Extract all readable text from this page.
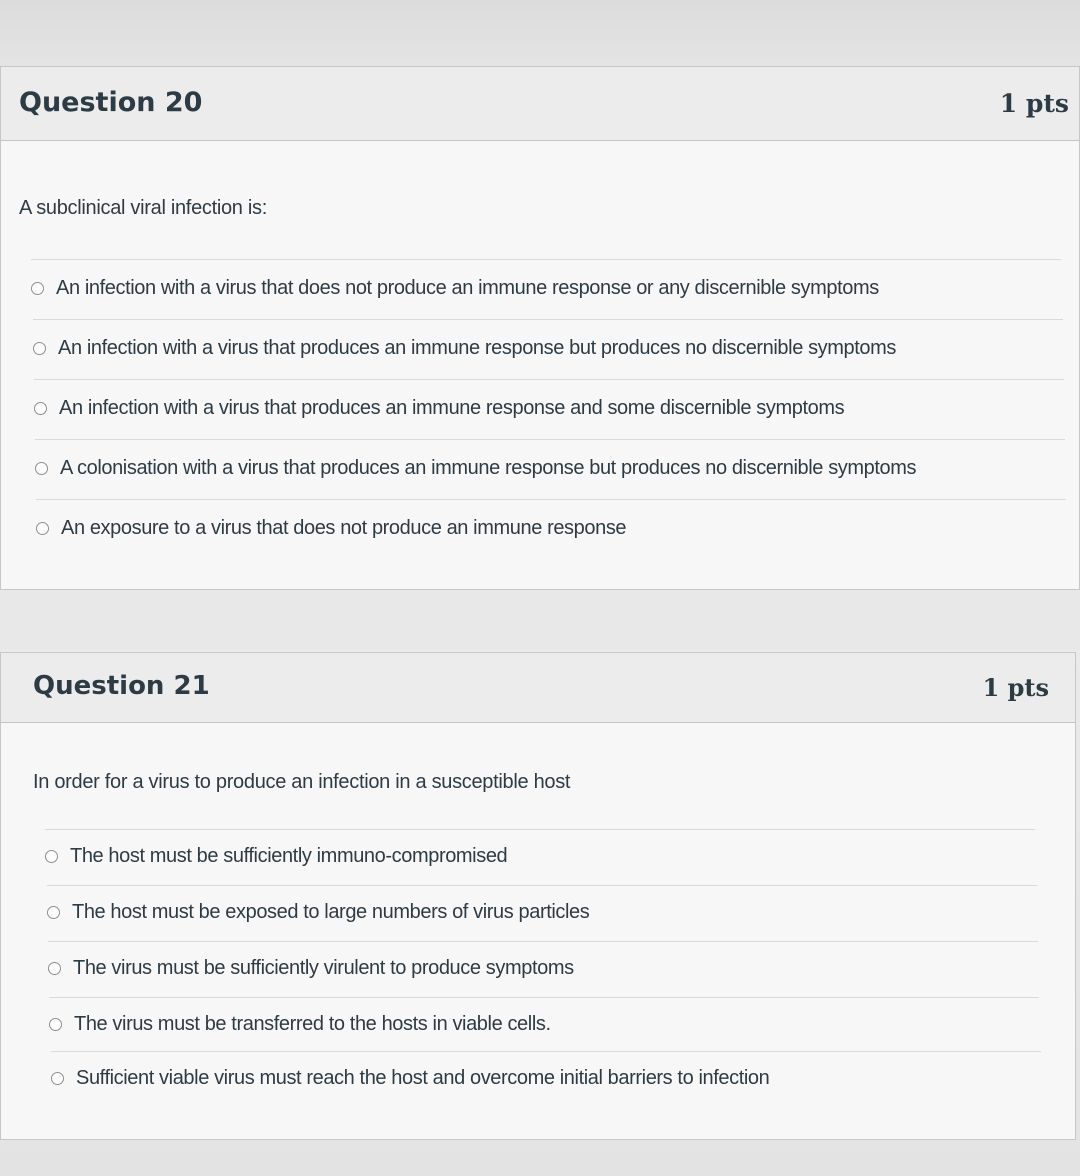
Question 20	1 pts
A subclinical viral infection is:
An infection with a virus that does not produce an immune response or any discernible symptoms
An infection with a virus that produces an immune response but produces no discernible symptoms
An infection with a virus that produces an immune response and some discernible symptoms
A colonisation with a virus that produces an immune response but produces no discernible symptoms
An exposure to a virus that does not produce an immune response
Question 21	1 pts
In order for a virus to produce an infection in a susceptible host
The host must be sufficiently immuno-compromised
The host must be exposed to large numbers of virus particles
The virus must be sufficiently virulent to produce symptoms
The virus must be transferred to the hosts in viable cells.
Sufficient viable virus must reach the host and overcome initial barriers to infection
